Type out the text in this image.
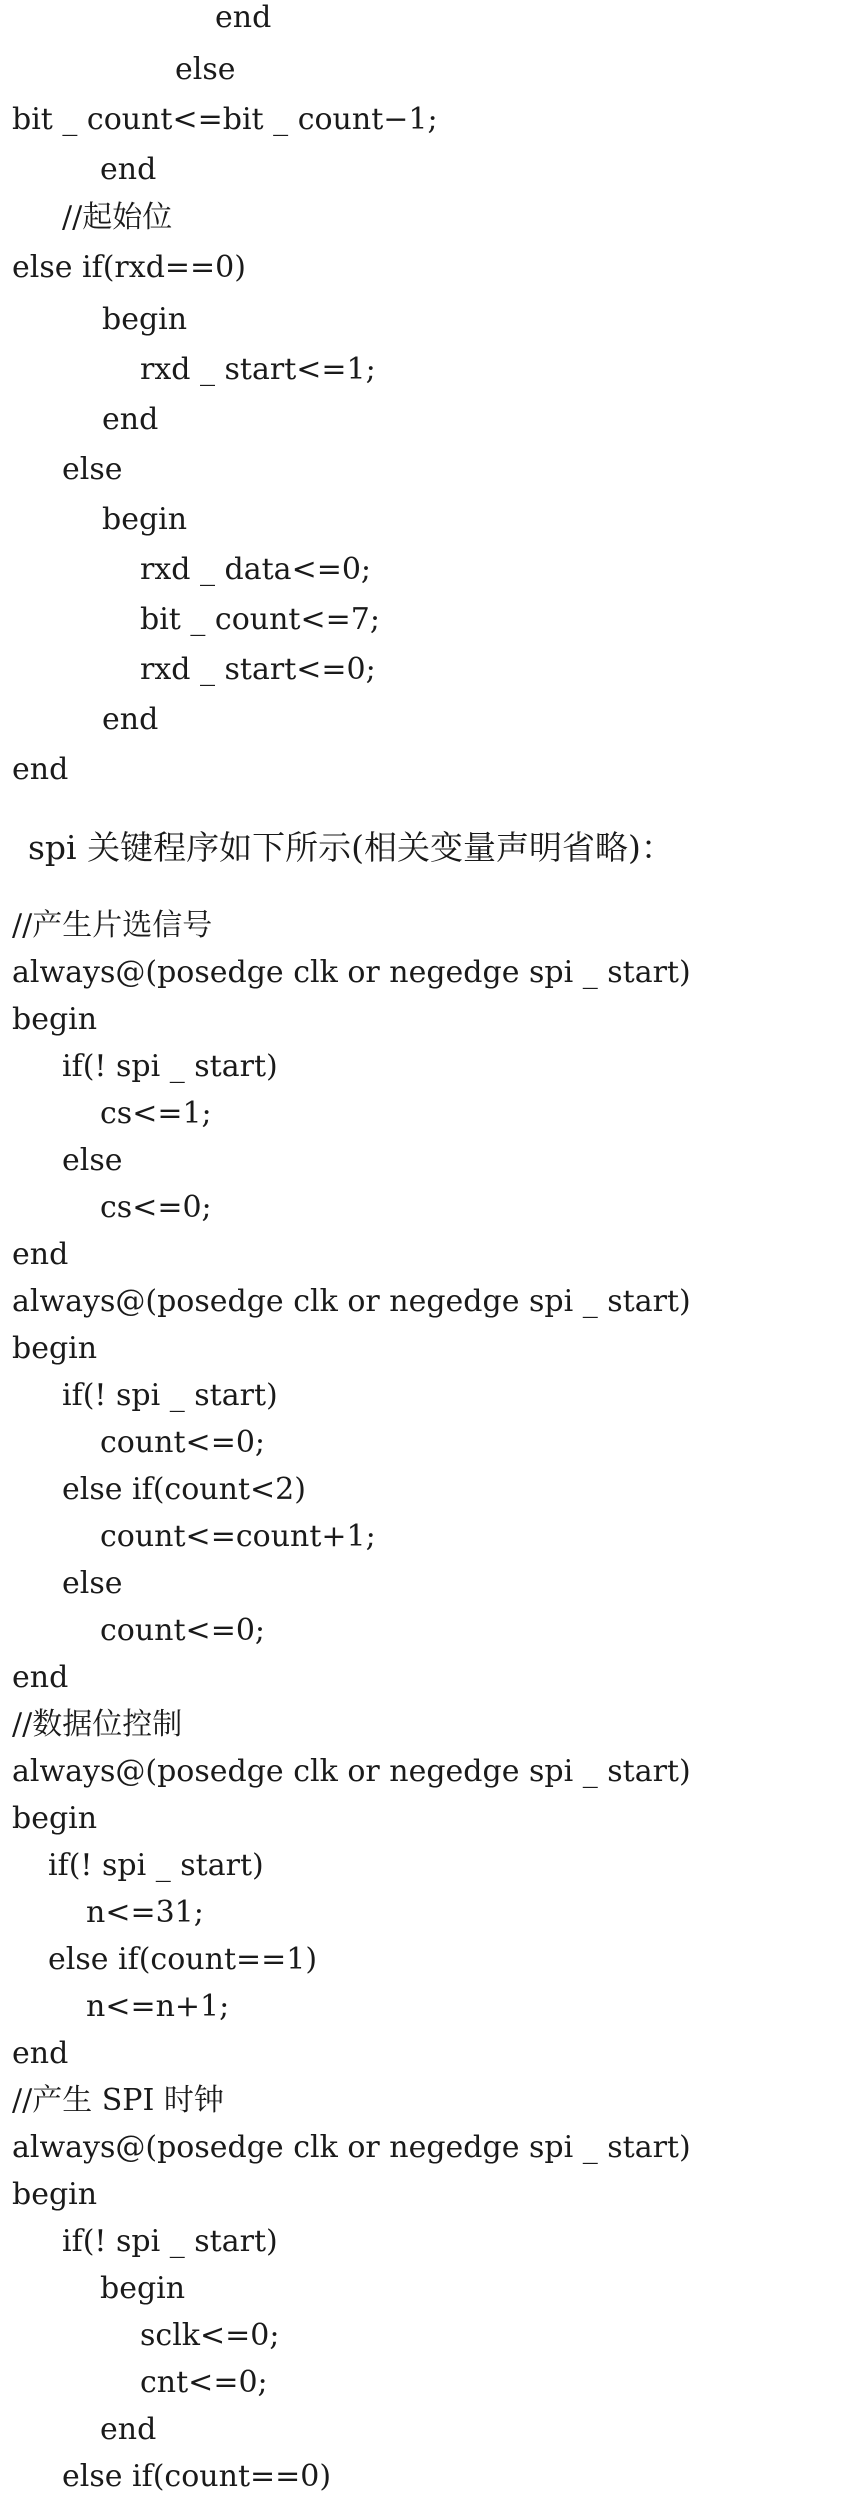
end
else
bit _ count<=bit _ count−1;
end
//起始位
else if(rxd==0)
begin
rxd _ start<=1;
end
else
begin
rxd _ data<=0;
bit _ count<=7;
rxd _ start<=0;
end
end
spi 关键程序如下所示(相关变量声明省略)：
//产生片选信号
always@(posedge clk or negedge spi _ start)
begin
if(! spi _ start)
cs<=1;
else
cs<=0;
end
always@(posedge clk or negedge spi _ start)
begin
if(! spi _ start)
count<=0;
else if(count<2)
count<=count+1;
else
count<=0;
end
//数据位控制
always@(posedge clk or negedge spi _ start)
begin
if(! spi _ start)
n<=31;
else if(count==1)
n<=n+1;
end
//产生 SPI 时钟
always@(posedge clk or negedge spi _ start)
begin
if(! spi _ start)
begin
sclk<=0;
cnt<=0;
end
else if(count==0)
